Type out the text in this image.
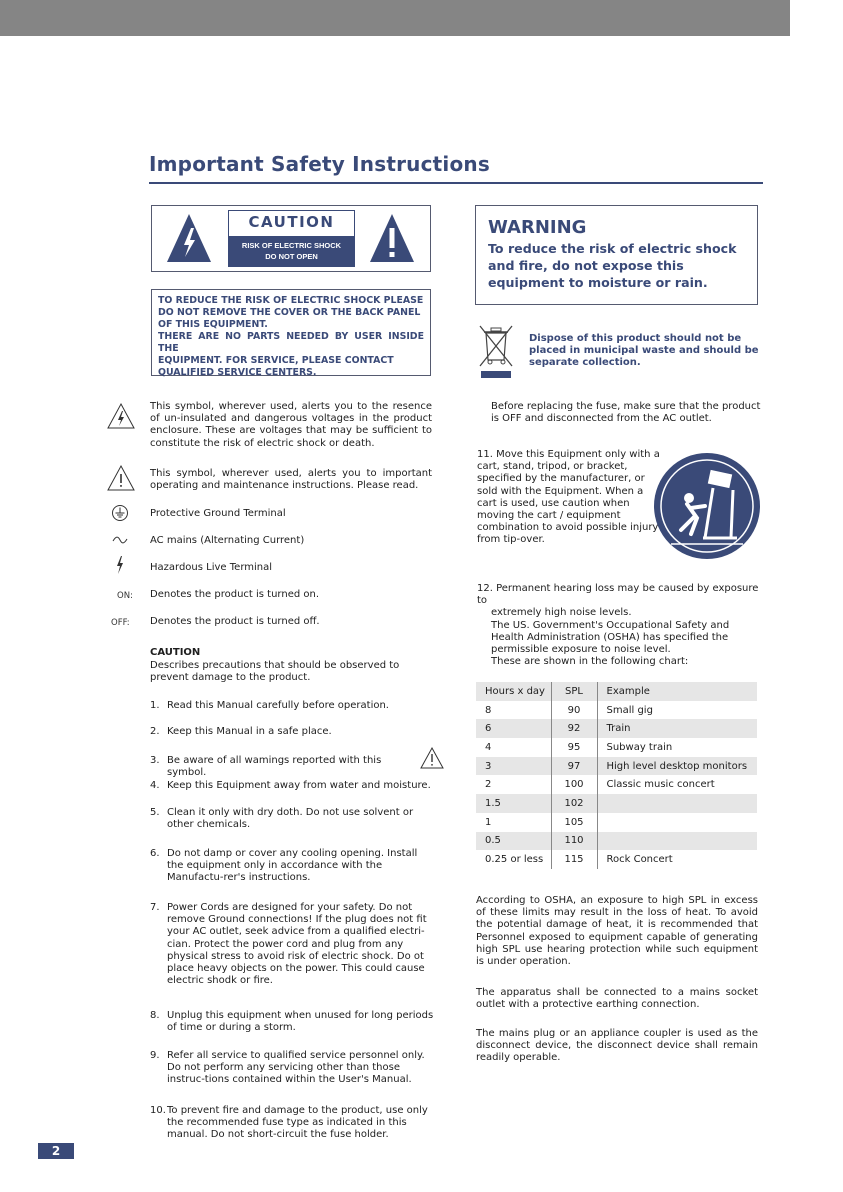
Important Safety Instructions
CAUTION
RISK OF ELECTRIC SHOCK
DO NOT OPEN
TO REDUCE THE RISK OF ELECTRIC SHOCK PLEASE
DO NOT REMOVE THE COVER OR THE BACK PANEL
OF THIS EQUIPMENT.
THERE ARE NO PARTS NEEDED BY USER INSIDE THE
EQUIPMENT. FOR SERVICE, PLEASE CONTACT
QUALIFIED SERVICE CENTERS.
WARNING
To reduce the risk of electric shock and fire, do not expose this equipment to moisture or rain.
Dispose of this product should not be placed in municipal waste and should be separate collection.
This symbol, wherever used, alerts you to the resence of un-insulated and dangerous voltages in the product enclosure. These are voltages that may be sufficient to constitute the risk of electric shock or death.
This symbol, wherever used, alerts you to important operating and maintenance instructions. Please read.
Protective Ground Terminal
AC mains (Alternating Current)
Hazardous Live Terminal
ON: Denotes the product is turned on.
OFF: Denotes the product is turned off.
CAUTION
Describes precautions that should be observed to prevent damage to the product.
1. Read this Manual carefully before operation.
2. Keep this Manual in a safe place.
3. Be aware of all wamings reported with this symbol.
4. Keep this Equipment away from water and moisture.
5. Clean it only with dry doth. Do not use solvent or other chemicals.
6. Do not damp or cover any cooling opening. Install the equipment only in accordance with the Manufactu-rer's instructions.
7. Power Cords are designed for your safety. Do not remove Ground connections! If the plug does not fit your AC outlet, seek advice from a qualified electri-cian. Protect the power cord and plug from any physical stress to avoid risk of electric shock. Do ot place heavy objects on the power. This could cause electric shodk or fire.
8. Unplug this equipment when unused for long periods of time or during a storm.
9. Refer all service to qualified service personnel only. Do not perform any servicing other than those instruc-tions contained within the User's Manual.
10. To prevent fire and damage to the product, use only the recommended fuse type as indicated in this manual. Do not short-circuit the fuse holder.
Before replacing the fuse, make sure that the product is OFF and disconnected from the AC outlet.
11. Move this Equipment only with a cart, stand, tripod, or bracket, specified by the manufacturer, or sold with the Equipment. When a cart is used, use caution when moving the cart / equipment combination to avoid possible injury from tip-over.
12. Permanent hearing loss may be caused by exposure to
extremely high noise levels.
The US. Government's Occupational Safety and Health Administration (OSHA) has specified the permissible exposure to noise level.
These are shown in the following chart:
Hours x day	SPL	Example
8	90	Small gig
6	92	Train
4	95	Subway train
3	97	High level desktop monitors
2	100	Classic music concert
1.5	102	
1	105	
0.5	110	
0.25 or less	115	Rock Concert
According to OSHA, an exposure to high SPL in excess of these limits may result in the loss of heat. To avoid the potential damage of heat, it is recommended that Personnel exposed to equipment capable of generating high SPL use hearing protection while such equipment is under operation.
The apparatus shall be connected to a mains socket outlet with a protective earthing connection.
The mains plug or an appliance coupler is used as the disconnect device, the disconnect device shall remain readily operable.
2
